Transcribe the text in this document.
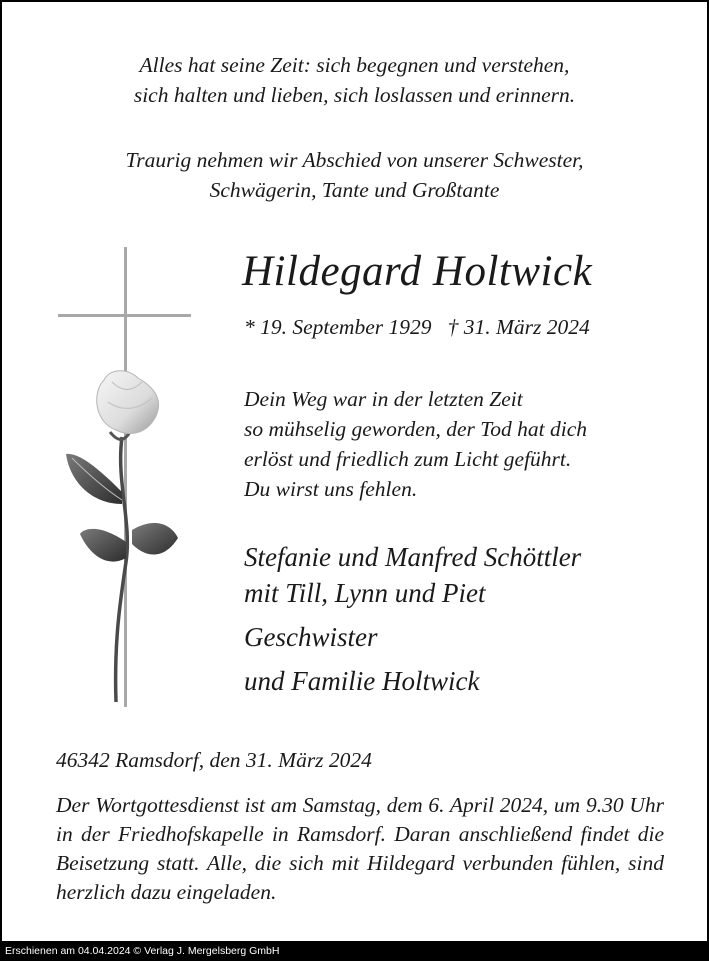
Alles hat seine Zeit: sich begegnen und verstehen,
sich halten und lieben, sich loslassen und erinnern.
Traurig nehmen wir Abschied von unserer Schwester,
Schwägerin, Tante und Großtante
Hildegard Holtwick
* 19. September 1929   † 31. März 2024
Dein Weg war in der letzten Zeit
so mühselig geworden, der Tod hat dich
erlöst und friedlich zum Licht geführt.
Du wirst uns fehlen.
Stefanie und Manfred Schöttler
mit Till, Lynn und Piet
Geschwister
und Familie Holtwick
46342 Ramsdorf, den 31. März 2024
Der Wortgottesdienst ist am Samstag, dem 6. April 2024, um 9.30 Uhr in der Friedhofskapelle in Ramsdorf. Daran anschließend findet die Beisetzung statt. Alle, die sich mit Hildegard verbunden fühlen, sind herzlich dazu eingeladen.
Erschienen am 04.04.2024 © Verlag J. Mergelsberg GmbH
